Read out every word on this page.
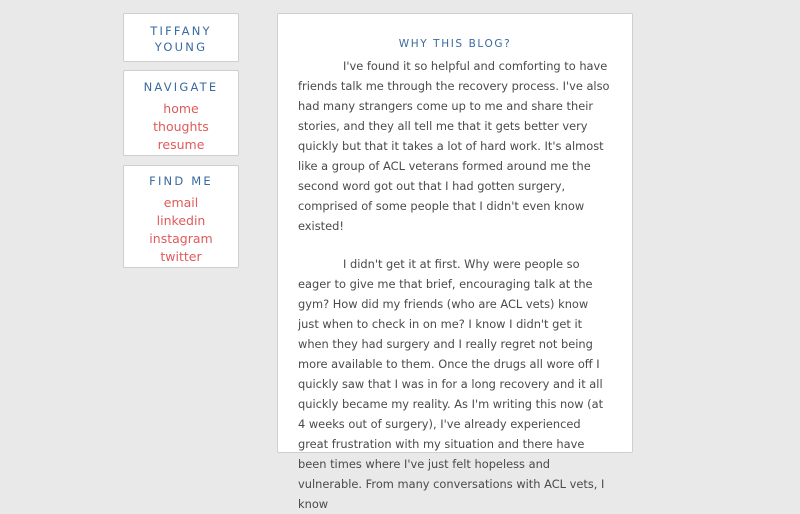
TIFFANY YOUNG
NAVIGATE
home
thoughts
resume
FIND ME
email
linkedin
instagram
twitter
WHY THIS BLOG?

I've found it so helpful and comforting to have friends talk me through the recovery process. I've also had many strangers come up to me and share their stories, and they all tell me that it gets better very quickly but that it takes a lot of hard work. It's almost like a group of ACL veterans formed around me the second word got out that I had gotten surgery, comprised of some people that I didn't even know existed!

I didn't get it at first. Why were people so eager to give me that brief, encouraging talk at the gym? How did my friends (who are ACL vets) know just when to check in on me? I know I didn't get it when they had surgery and I really regret not being more available to them. Once the drugs all wore off I quickly saw that I was in for a long recovery and it all quickly became my reality. As I'm writing this now (at 4 weeks out of surgery), I've already experienced great frustration with my situation and there have been times where I've just felt hopeless and vulnerable. From many conversations with ACL vets, I know
